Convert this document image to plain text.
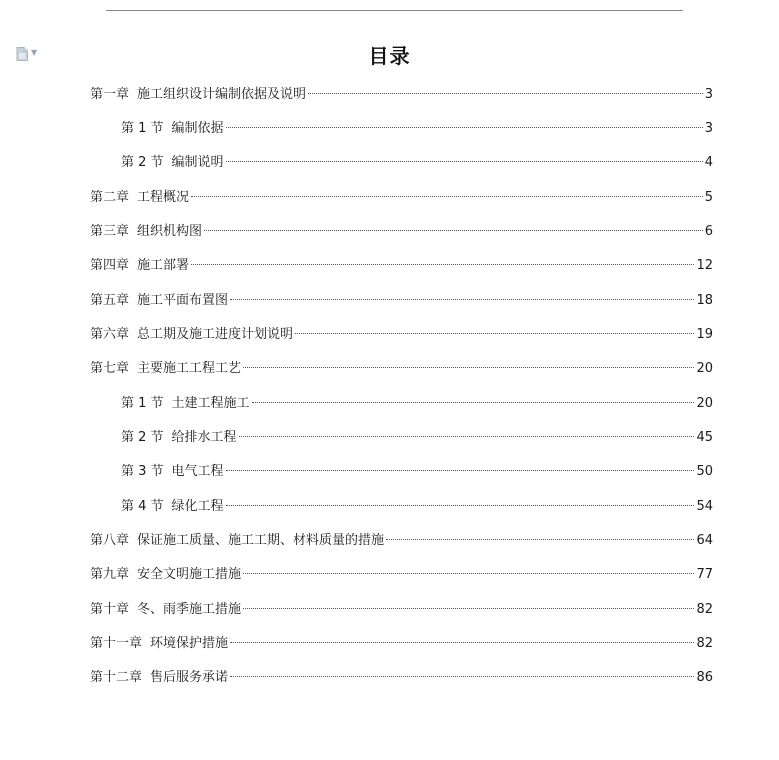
▼	目录
第一章 施工组织设计编制依据及说明	3
第 1 节 编制依据	3
第 2 节 编制说明	4
第二章 工程概况	5
第三章 组织机构图	6
第四章 施工部署	12
第五章 施工平面布置图	18
第六章 总工期及施工进度计划说明	19
第七章 主要施工工程工艺	20
第 1 节 土建工程施工	20
第 2 节 给排水工程	45
第 3 节 电气工程	50
第 4 节 绿化工程	54
第八章 保证施工质量、施工工期、材料质量的措施	64
第九章 安全文明施工措施	77
第十章 冬、雨季施工措施	82
第十一章 环境保护措施	82
第十二章 售后服务承诺	86
